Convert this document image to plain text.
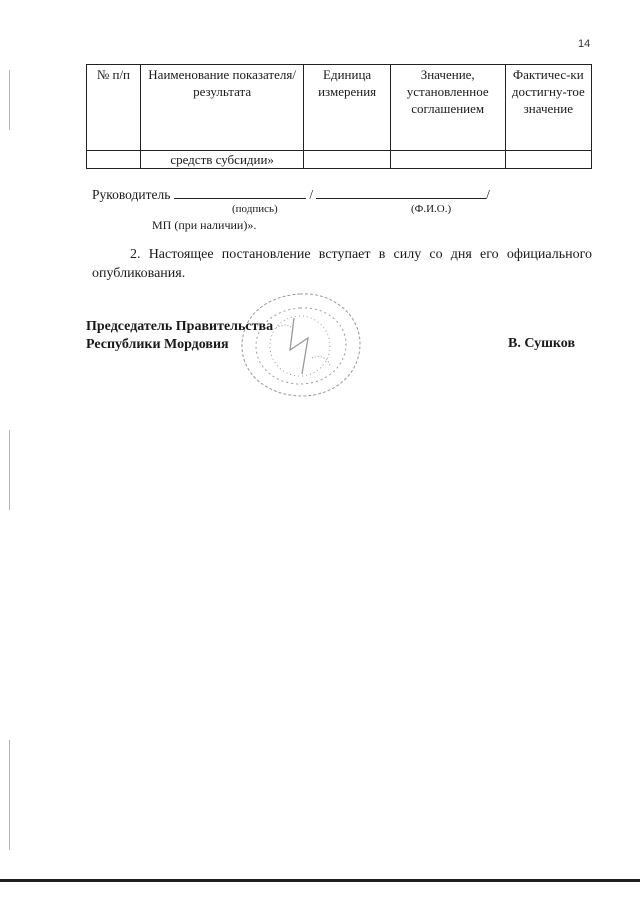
14
№ п/п	Наименование показателя/результата	Единица измерения	Значение, установленное соглашением	Фактичес-ки достигну-тое значение
	средств субсидии»			
Руководитель	/	/
(подпись)	(Ф.И.О.)
МП (при наличии)».
2. Настоящее постановление вступает в силу со дня его официального опубликования.
Председатель Правительства
Республики Мордовия	В. Сушков
